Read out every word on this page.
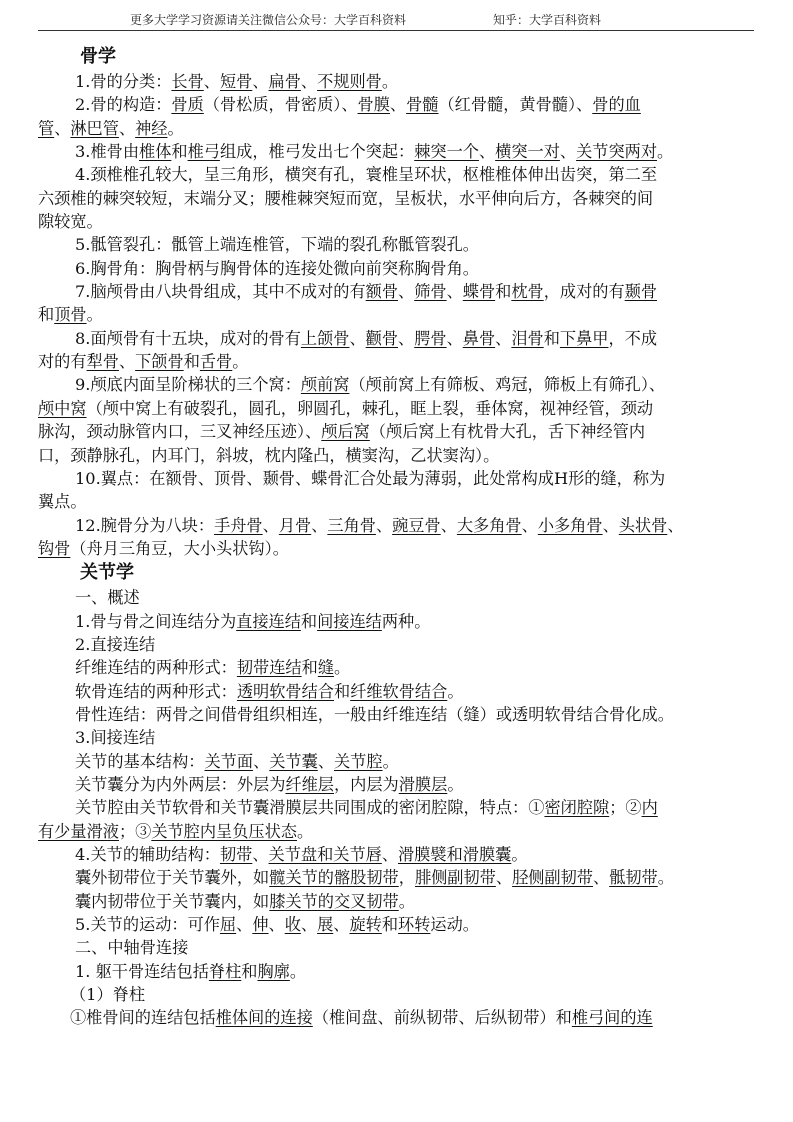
更多大学学习资源请关注微信公众号：大学百科资料	知乎：大学百科资料
骨学
1.骨的分类：长骨、短骨、扁骨、不规则骨。
2.骨的构造：骨质（骨松质，骨密质）、骨膜、骨髓（红骨髓，黄骨髓）、骨的血
管、淋巴管、神经。
3.椎骨由椎体和椎弓组成，椎弓发出七个突起：棘突一个、横突一对、关节突两对。
4.颈椎椎孔较大，呈三角形，横突有孔，寰椎呈环状，枢椎椎体伸出齿突，第二至
六颈椎的棘突较短，末端分叉；腰椎棘突短而宽，呈板状，水平伸向后方，各棘突的间
隙较宽。
5.骶管裂孔：骶管上端连椎管，下端的裂孔称骶管裂孔。
6.胸骨角：胸骨柄与胸骨体的连接处微向前突称胸骨角。
7.脑颅骨由八块骨组成，其中不成对的有额骨、筛骨、蝶骨和枕骨，成对的有颞骨
和顶骨。
8.面颅骨有十五块，成对的骨有上颌骨、颧骨、腭骨、鼻骨、泪骨和下鼻甲，不成
对的有犁骨、下颌骨和舌骨。
9.颅底内面呈阶梯状的三个窝：颅前窝（颅前窝上有筛板、鸡冠，筛板上有筛孔）、
颅中窝（颅中窝上有破裂孔，圆孔，卵圆孔，棘孔，眶上裂，垂体窝，视神经管，颈动
脉沟，颈动脉管内口，三叉神经压迹）、颅后窝（颅后窝上有枕骨大孔，舌下神经管内
口，颈静脉孔，内耳门，斜坡，枕内隆凸，横窦沟，乙状窦沟）。
10.翼点：在额骨、顶骨、颞骨、蝶骨汇合处最为薄弱，此处常构成H形的缝，称为
翼点。
12.腕骨分为八块：手舟骨、月骨、三角骨、豌豆骨、大多角骨、小多角骨、头状骨、
钩骨（舟月三角豆，大小头状钩）。
关节学
一、概述
1.骨与骨之间连结分为直接连结和间接连结两种。
2.直接连结
纤维连结的两种形式：韧带连结和缝。
软骨连结的两种形式：透明软骨结合和纤维软骨结合。
骨性连结：两骨之间借骨组织相连，一般由纤维连结（缝）或透明软骨结合骨化成。
3.间接连结
关节的基本结构：关节面、关节囊、关节腔。
关节囊分为内外两层：外层为纤维层，内层为滑膜层。
关节腔由关节软骨和关节囊滑膜层共同围成的密闭腔隙，特点：①密闭腔隙；②内
有少量滑液；③关节腔内呈负压状态。
4.关节的辅助结构：韧带、关节盘和关节唇、滑膜襞和滑膜囊。
囊外韧带位于关节囊外，如髋关节的髂股韧带，腓侧副韧带、胫侧副韧带、骶韧带。
囊内韧带位于关节囊内，如膝关节的交叉韧带。
5.关节的运动：可作屈、伸、收、展、旋转和环转运动。
二、中轴骨连接
1. 躯干骨连结包括脊柱和胸廓。
（1）脊柱
①椎骨间的连结包括椎体间的连接（椎间盘、前纵韧带、后纵韧带）和椎弓间的连
